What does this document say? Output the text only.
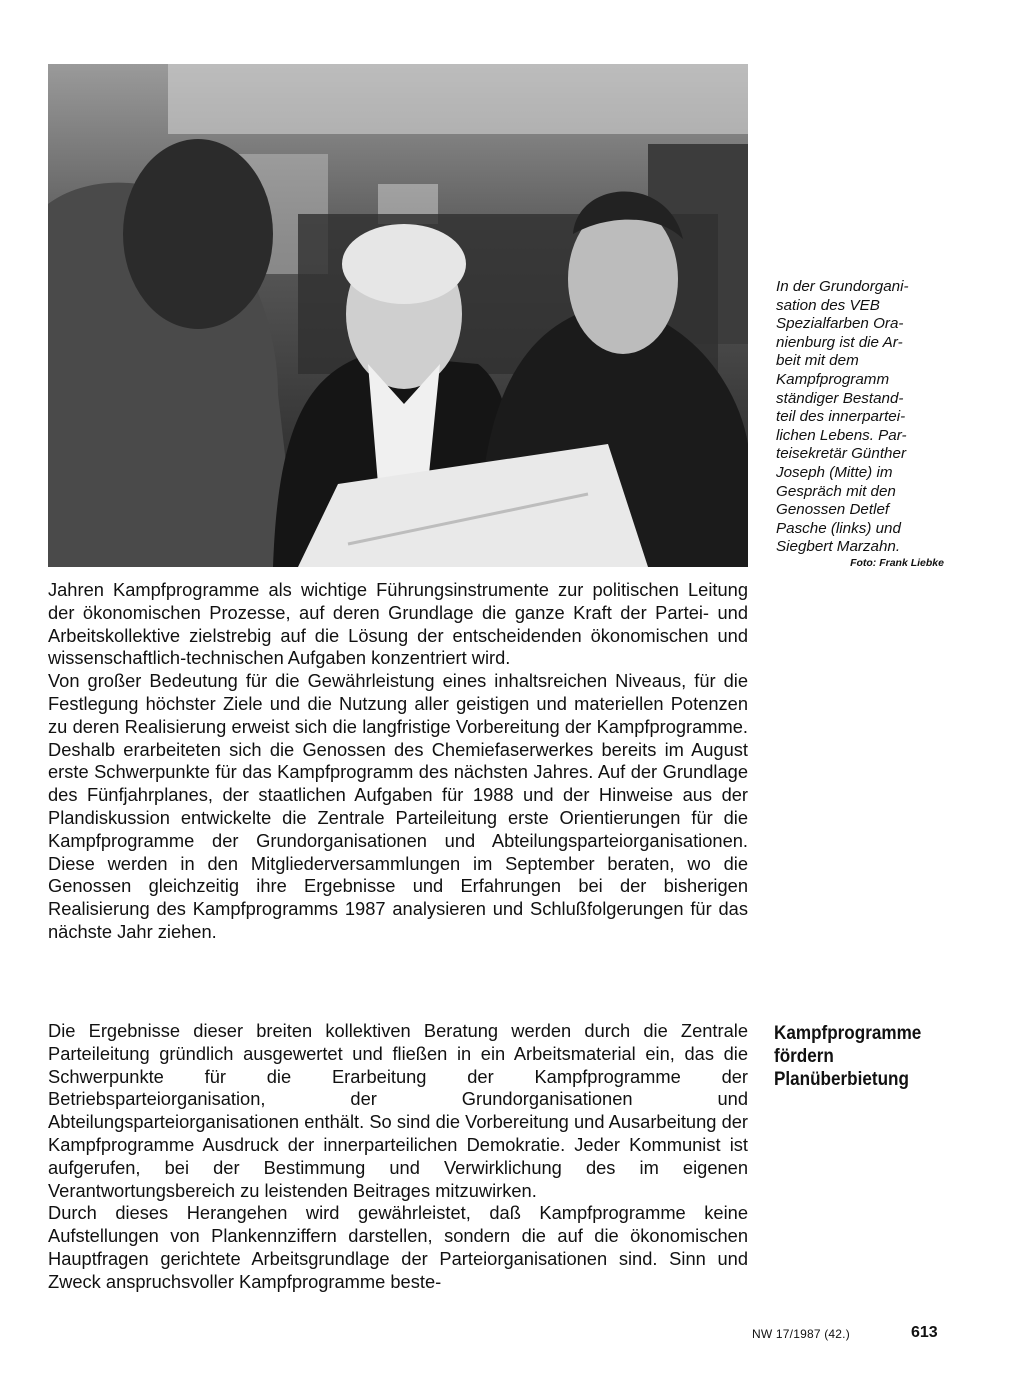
In der Grundorgani-
sation des VEB
Spezialfarben Ora-
nienburg ist die Ar-
beit mit dem
Kampfprogramm
ständiger Bestand-
teil des innerpartei-
lichen Lebens. Par-
teisekretär Günther
Joseph (Mitte) im
Gespräch mit den
Genossen Detlef
Pasche (links) und
Siegbert Marzahn.

Foto: Frank Liebke

Jahren Kampfprogramme als wichtige Führungsinstrumente zur politischen Leitung der ökonomischen Prozesse, auf deren Grundlage die ganze Kraft der Partei- und Arbeitskollektive zielstrebig auf die Lösung der entscheidenden ökonomischen und wissenschaftlich-technischen Aufgaben konzentriert wird.

Von großer Bedeutung für die Gewährleistung eines inhaltsreichen Niveaus, für die Festlegung höchster Ziele und die Nutzung aller geistigen und materiellen Potenzen zu deren Realisierung erweist sich die langfristige Vorbereitung der Kampfprogramme. Deshalb erarbeiteten sich die Genossen des Chemiefaserwerkes bereits im August erste Schwerpunkte für das Kampfprogramm des nächsten Jahres. Auf der Grundlage des Fünfjahrplanes, der staatlichen Aufgaben für 1988 und der Hinweise aus der Plandiskussion entwickelte die Zentrale Parteileitung erste Orientierungen für die Kampfprogramme der Grundorganisationen und Abteilungsparteiorganisationen. Diese werden in den Mitgliederversammlungen im September beraten, wo die Genossen gleichzeitig ihre Ergebnisse und Erfahrungen bei der bisherigen Realisierung des Kampfprogramms 1987 analysieren und Schlußfolgerungen für das nächste Jahr ziehen.

Die Ergebnisse dieser breiten kollektiven Beratung werden durch die Zentrale Parteileitung gründlich ausgewertet und fließen in ein Arbeitsmaterial ein, das die Schwerpunkte für die Erarbeitung der Kampfprogramme der Betriebsparteiorganisation, der Grundorganisationen und Abteilungsparteiorganisationen enthält. So sind die Vorbereitung und Ausarbeitung der Kampfprogramme Ausdruck der innerparteilichen Demokratie. Jeder Kommunist ist aufgerufen, bei der Bestimmung und Verwirklichung des im eigenen Verantwortungsbereich zu leistenden Beitrages mitzuwirken.

Durch dieses Herangehen wird gewährleistet, daß Kampfprogramme keine Aufstellungen von Plankennziffern darstellen, sondern die auf die ökonomischen Hauptfragen gerichtete Arbeitsgrundlage der Parteiorganisationen sind. Sinn und Zweck anspruchsvoller Kampfprogramme beste-

Kampfprogramme
fördern
Planüberbietung
NW 17/1987 (42.)	613
